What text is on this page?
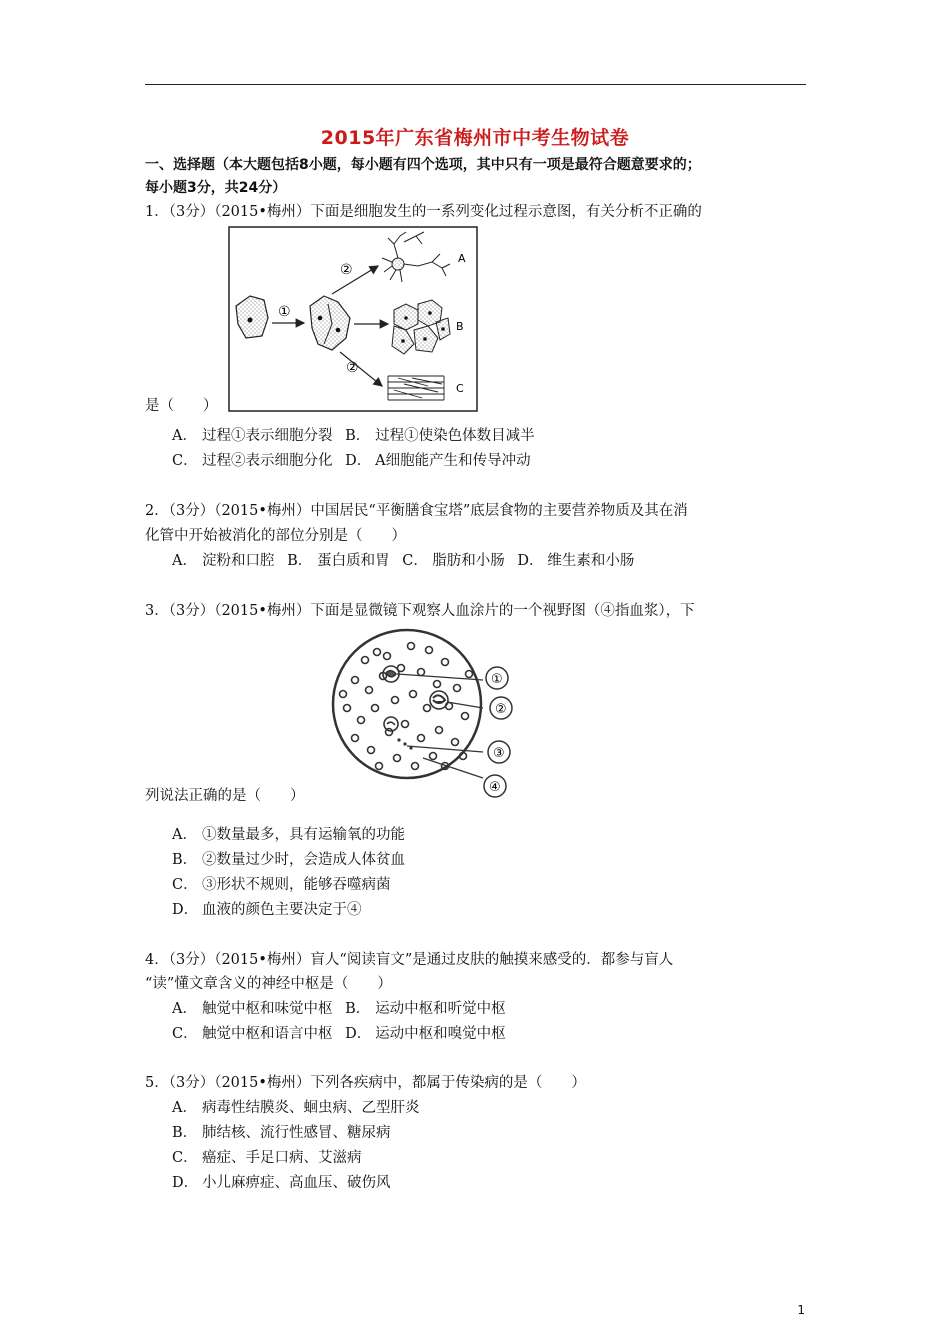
2015年广东省梅州市中考生物试卷
一、选择题（本大题包括8小题，每小题有四个选项，其中只有一项是最符合题意要求的；
每小题3分，共24分）
1．（3分）（2015•梅州）下面是细胞发生的一系列变化过程示意图，有关分析不正确的
①
②
A
B
②
C
是（　　）
A． 过程①表示细胞分裂 B． 过程①使染色体数目减半
C． 过程②表示细胞分化 D． A细胞能产生和传导冲动
2．（3分）（2015•梅州）中国居民“平衡膳食宝塔”底层食物的主要营养物质及其在消
化管中开始被消化的部位分别是（　　）
A． 淀粉和口腔 B． 蛋白质和胃 C． 脂肪和小肠 D． 维生素和小肠
3．（3分）（2015•梅州）下面是显微镜下观察人血涂片的一个视野图（④指血浆），下
①
②
③
④
列说法正确的是（　　）
A． ①数量最多，具有运输氧的功能
B． ②数量过少时，会造成人体贫血
C． ③形状不规则，能够吞噬病菌
D． 血液的颜色主要决定于④
4．（3分）（2015•梅州）盲人“阅读盲文”是通过皮肤的触摸来感受的．都参与盲人
“读”懂文章含义的神经中枢是（　　）
A． 触觉中枢和味觉中枢 B． 运动中枢和听觉中枢
C． 触觉中枢和语言中枢 D． 运动中枢和嗅觉中枢
5．（3分）（2015•梅州）下列各疾病中，都属于传染病的是（　　）
A． 病毒性结膜炎、蛔虫病、乙型肝炎
B． 肺结核、流行性感冒、糖尿病
C． 癌症、手足口病、艾滋病
D． 小儿麻痹症、高血压、破伤风
1
